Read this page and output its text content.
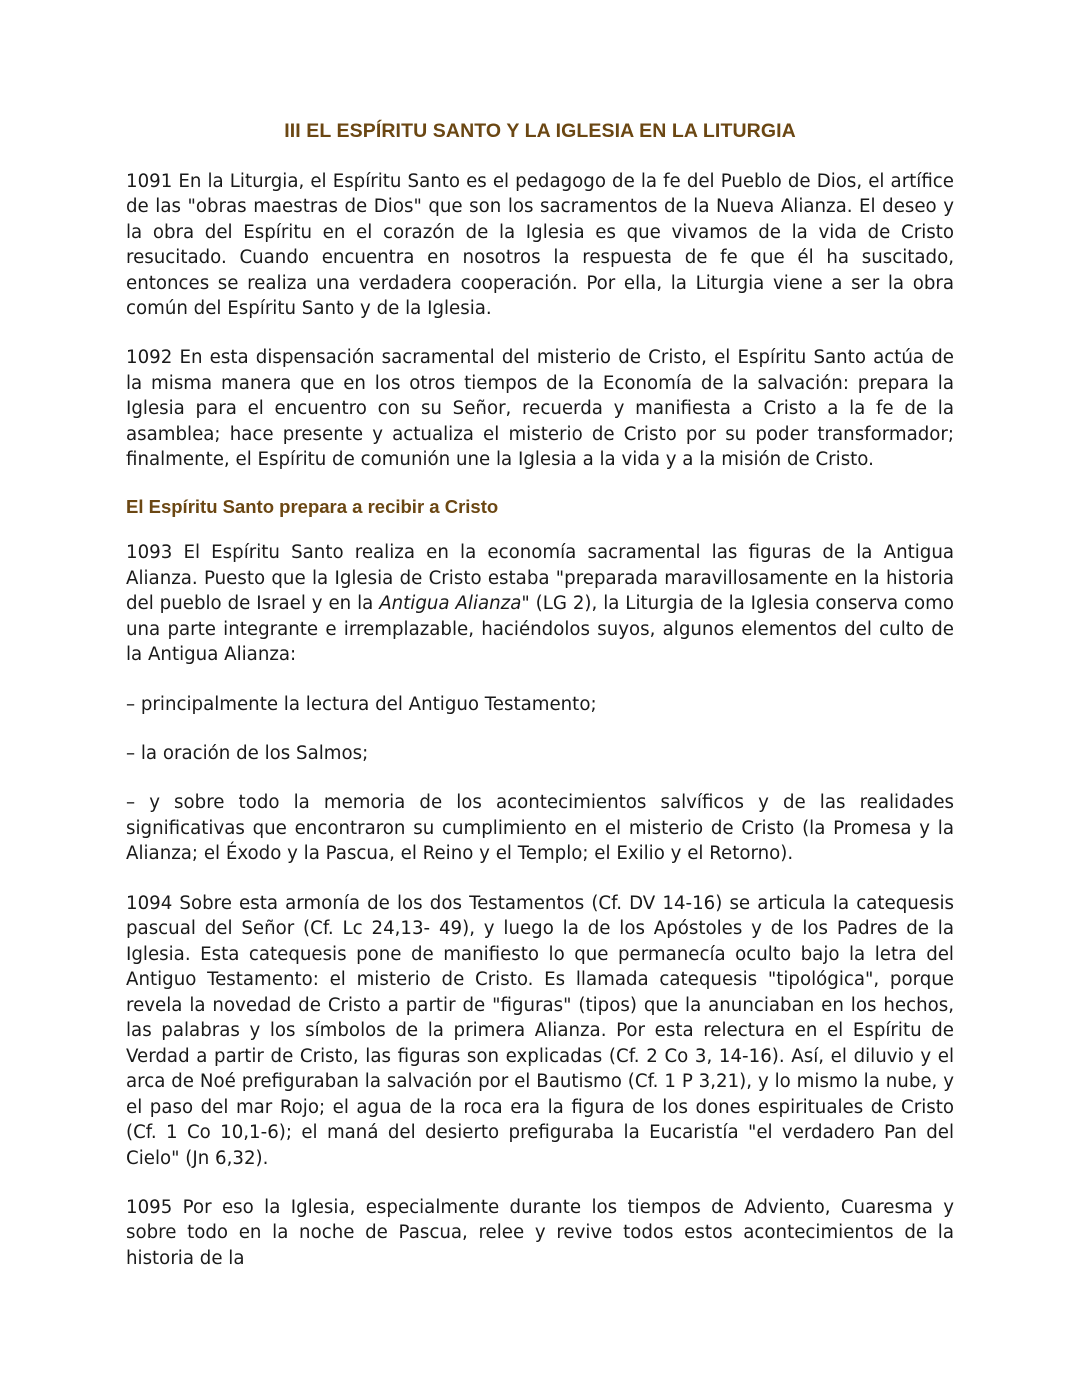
III EL ESPÍRITU SANTO Y LA IGLESIA EN LA LITURGIA

1091 En la Liturgia, el Espíritu Santo es el pedagogo de la fe del Pueblo de Dios, el artífice de las "obras maestras de Dios" que son los sacramentos de la Nueva Alianza. El deseo y la obra del Espíritu en el corazón de la Iglesia es que vivamos de la vida de Cristo resucitado. Cuando encuentra en nosotros la respuesta de fe que él ha suscitado, entonces se realiza una verdadera cooperación. Por ella, la Liturgia viene a ser la obra común del Espíritu Santo y de la Iglesia.

1092 En esta dispensación sacramental del misterio de Cristo, el Espíritu Santo actúa de la misma manera que en los otros tiempos de la Economía de la salvación: prepara la Iglesia para el encuentro con su Señor, recuerda y manifiesta a Cristo a la fe de la asamblea; hace presente y actualiza el misterio de Cristo por su poder transformador; finalmente, el Espíritu de comunión une la Iglesia a la vida y a la misión de Cristo.

El Espíritu Santo prepara a recibir a Cristo

1093 El Espíritu Santo realiza en la economía sacramental las figuras de la Antigua Alianza. Puesto que la Iglesia de Cristo estaba "preparada maravillosamente en la historia del pueblo de Israel y en la Antigua Alianza" (LG 2), la Liturgia de la Iglesia conserva como una parte integrante e irremplazable, haciéndolos suyos, algunos elementos del culto de la Antigua Alianza:

– principalmente la lectura del Antiguo Testamento;

– la oración de los Salmos;

– y sobre todo la memoria de los acontecimientos salvíficos y de las realidades significativas que encontraron su cumplimiento en el misterio de Cristo (la Promesa y la Alianza; el Éxodo y la Pascua, el Reino y el Templo; el Exilio y el Retorno).

1094 Sobre esta armonía de los dos Testamentos (Cf. DV 14-16) se articula la catequesis pascual del Señor (Cf. Lc 24,13- 49), y luego la de los Apóstoles y de los Padres de la Iglesia. Esta catequesis pone de manifiesto lo que permanecía oculto bajo la letra del Antiguo Testamento: el misterio de Cristo. Es llamada catequesis "tipológica", porque revela la novedad de Cristo a partir de "figuras" (tipos) que la anunciaban en los hechos, las palabras y los símbolos de la primera Alianza. Por esta relectura en el Espíritu de Verdad a partir de Cristo, las figuras son explicadas (Cf. 2 Co 3, 14-16). Así, el diluvio y el arca de Noé prefiguraban la salvación por el Bautismo (Cf. 1 P 3,21), y lo mismo la nube, y el paso del mar Rojo; el agua de la roca era la figura de los dones espirituales de Cristo (Cf. 1 Co 10,1-6); el maná del desierto prefiguraba la Eucaristía "el verdadero Pan del Cielo" (Jn 6,32).

1095 Por eso la Iglesia, especialmente durante los tiempos de Adviento, Cuaresma y sobre todo en la noche de Pascua, relee y revive todos estos acontecimientos de la historia de la
